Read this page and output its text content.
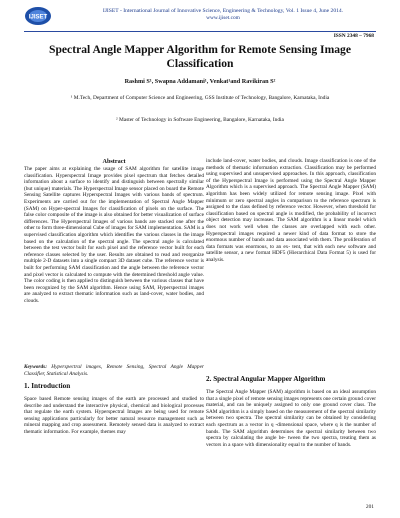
IJISET
IJISET - International Journal of Innovative Science, Engineering & Technology, Vol. 1 Issue 4, June 2014.
www.ijiset.com
ISSN 2348 – 7968
Spectral Angle Mapper Algorithm for Remote Sensing Image Classification
Rashmi S¹, Swapna Addamani¹, Venkat¹and Ravikiran S²
¹ M.Tech, Department of Computer Science and Engineering, GSS Institute of Technology, Bangalore, Karnataka, India
² Master of Technology in Software Engineering, Bangalore, Karnataka, India
Abstract
The paper aims at explaining the usage of SAM algorithm for satellite image classification. Hyperspectral Image provides pixel spectrum that fetches detailed information about a surface to identify and distinguish between spectrally similar (but unique) materials. The Hyperspectral Image sensor placed on board the Remote Sensing Satellite captures Hyperspectral Images with various bands of spectrum. Experiments are carried out for the implementation of Spectral Angle Mapper (SAM) on Hyper-spectral Images for classification of pixels on the surface. The false color composite of the image is also obtained for better visualization of surface differences. The Hyperspectral Images of various bands are stacked one after the other to form three-dimensional Cube of images for SAM implementation. SAM is a supervised classification algorithm which identifies the various classes in the image based on the calculation of the spectral angle. The spectral angle is calculated between the test vector built for each pixel and the reference vector built for each reference classes selected by the user. Results are obtained to read and reorganize multiple 2-D datasets into a single compact 3D dataset cube. The reference vector is built for performing SAM classification and the angle between the reference vector and pixel vector is calculated to compute with the determined threshold angle value. The color coding is then applied to distinguish between the various classes that have been recognized by the SAM algorithm. Hence using SAM, Hyperspectral images are analyzed to extract thematic information such as land-cover, water bodies, and clouds.
Keywords: Hyperspectral images, Remote Sensing, Spectral Angle Mapper Classifier, Statistical Analysis.
1. Introduction
Space based Remote sensing images of the earth are processed and studied to describe and understand the interactive physical, chemical and biological processes that regulate the earth system. Hyperspectral Images are being used for remote sensing applications particularly for better natural resource management such as mineral mapping and crop assessment. Remotely sensed data is analyzed to extract thematic information. For example, themes may
include land-cover, water bodies, and clouds. Image classification is one of the methods of thematic information extraction. Classification may be performed using supervised and unsupervised approaches. In this approach, classification of the Hyperspectral Image is performed using the Spectral Angle Mapper Algorithm which is a supervised approach. The Spectral Angle Mapper (SAM) algorithm has been widely utilized for remote sensing image. Pixel with minimum or zero spectral angles in comparison to the reference spectrum is assigned to the class defined by reference vector. However, when threshold for classification based on spectral angle is modified, the probability of incorrect object detection may increases. The SAM algorithm is a linear model which does not work well when the classes are overlapped with each other. Hyperspectral images required a newer kind of data format to store the enormous number of bands and data associated with them. The proliferation of data formats was enormous, to an ex- tent, that with each new software and satellite sensor, a new format HDF5 (Hierarchical Data Format 5) is used for analysis.
2. Spectral Angular Mapper Algorithm
The Spectral Angle Mapper (SAM) algorithm is based on an ideal assumption that a single pixel of remote sensing images represents one certain ground cover material, and can be uniquely assigned to only one ground cover class. The SAM algorithm is a simply based on the measurement of the spectral similarity between two spectra. The spectral similarity can be obtained by considering each spectrum as a vector in q -dimensional space, where q is the number of bands. The SAM algorithm determines the spectral similarity between two spectra by calculating the angle be- tween the two spectra, treating them as vectors in a space with dimensionality equal to the number of bands.
201
